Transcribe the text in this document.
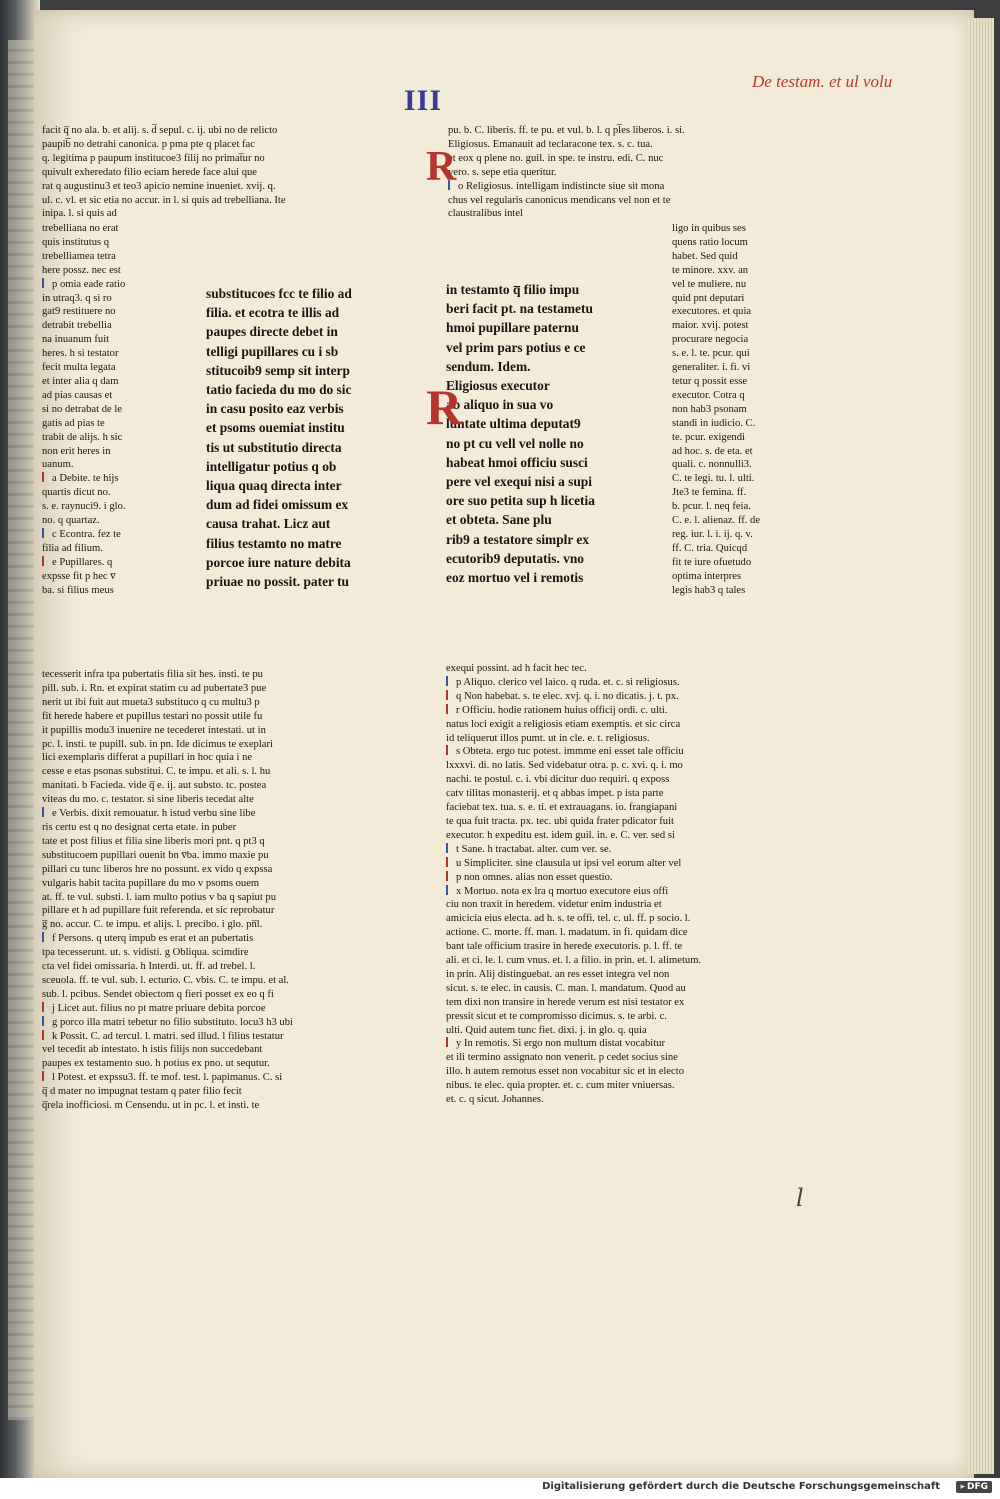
III
De testam. et ul volu
facit q̅ no ala. b. et alij. s. d̅ sepul. c. ij. ubi no de relicto
paupib̅ no detrahi canonica. p pma pte q placet fac
q. legitima p paupum institucoe3 filij no primat̅ur no
quivult exheredato filio eciam herede face alui que
rat q augustinu3 et teo3 apicio nemine inueniet. xvij. q.
ul. c. vl. et sic etia no accur. in l. si quis ad trebelliana. Ite
inipa. l. si quis ad
trebelliana no erat
quis institutus q
trebelliamea tetra
here possz. nec est
p omia eade ratio
in utraq3. q si ro
gat9 restituere no
detrabit trebellia
na inuanum fuit
heres. h si testator
fecit multa legata
et inter alia q dam
ad pias causas et
si no detrabat de le
gatis ad pias te
trabit de alijs. h sic
non erit heres in
uanum.
a Debite. te hijs
quartis dicut no.
s. e. raynuci9. i glo.
no. q quartaz.
c Econtra. fez te
filia ad filium.
e Pupillares. q
expsse fit p hec v̅
ba. si filius meus
substitucoes fcc te filio ad
filia. et ecotra te illis ad
paupes directe debet in
telligi pupillares cu i sb
stitucoib9 semp sit interp
tatio facieda du mo do sic
in casu posito eaz verbis
et psoms ouemiat institu
tis ut substitutio directa
intelligatur potius q ob
liqua quaq directa inter
dum ad fidei omissum ex
causa trahat. Licz aut
filius testamto no matre
porcoe iure nature debita
priuae no possit. pater tu
pu. b. C. liberis. ff. te pu. et vul. b. l. q pl̅es liberos. i. si.
Eligiosus. Emanauit ad teclaracone tex. s. c. tua.
et eox q plene no. guil. in spe. te instru. edi. C. nuc
vero. s. sepe etia queritur.
o Religiosus. intelligam indistincte siue sit mona
chus vel regularis canonicus mendicans vel non et te
claustralibus intel
ligo in quibus ses
quens ratio locum
habet. Sed quid
te minore. xxv. an
vel te muliere. nu
quid pnt deputari
executores. et quia
maior. xvij. potest
procurare negocia
s. e. l. te. pcur. qui
generaliter. i. fi. vi
tetur q possit esse
executor. Cotra q
non hab3 psonam
standi in iudicio. C.
te. pcur. exigendi
ad hoc. s. de eta. et
quali. c. nonnulli3.
C. te legi. tu. l. ulti.
Jte3 te femina. ff.
b. pcur. l. neq feia.
C. e. l. alienaz. ff. de
reg. iur. l. i. ij. q. v.
ff. C. tria. Quicqd
fit te iure ofuetudo
optima interpres
legis hab3 q tales
in testamto q̅ filio impu
beri facit pt. na testametu
hmoi pupillare paternu
vel prim pars potius e ce
sendum. Idem.
Eligiosus executor
ab aliquo in sua vo
luntate ultima deputat9
no pt cu vell vel nolle no
habeat hmoi officiu susci
pere vel exequi nisi a supi
ore suo petita sup h licetia
et obteta. Sane plu
rib9 a testatore simplr ex
ecutorib9 deputatis. vno
eoz mortuo vel i remotis
tecesserit infra tpa pubertatis filia sit hes. insti. te pu
pill. sub. i. Rn. et expirat statim cu ad pubertate3 pue
nerit ut ibi fuit aut mueta3 substituco q cu multu3 p
fit herede habere et pupillus testari no possit utile fu
it pupillis modu3 inuenire ne tecederet intestati. ut in
pc. l. insti. te pupill. sub. in pn. Ide dicimus te exeplari
lici exemplaris differat a pupillari in hoc quia i ne
cesse e etas psonas substitui. C. te impu. et ali. s. l. hu
manitati. b Facieda. vide q̅ e. ij. aut substo. tc. postea
viteas du mo. c. testator. si sine liberis tecedat alte
e Verbis. dixit remouatur. h istud verbu sine libe
ris certu est q no designat certa etate. in puber
tate et post filius et filia sine liberis mori pnt. q pt3 q
substitucoem pupillari ouenit bn v̅ba. immo maxie pu
pillari cu tunc liberos hre no possunt. ex vido q expssa
vulgaris habit tacita pupillare du mo v psoms ouem
at. ff. te vul. substi. l. iam multo potius v ba q sapiut pu
pillare et h ad pupillare fuit referenda. et sic reprobatur
g̅ no. accur. C. te impu. et alijs. l. precibo. i glo. pn̅l.
f Persons. q uterq impub es erat et an pubertatis
tpa tecesserunt. ut. s. vidisti. g Obliqua. scimdire
cta vel fidei omissaria. h Interdi. ut. ff. ad trebel. l.
sceuola. ff. te vul. sub. l. ecturio. C. vbis. C. te impu. et al.
sub. l. pcibus. Sendet obiectom q fieri posset ex eo q fi
j Licet aut. filius no pt matre priuare debita porcoe
g porco illa matri tebetur no filio substituto. locu3 h3 ubi
k Possit. C. ad tercul. l. matri. sed illud. l filius testatur
vel tecedit ab intestato. h istis filijs non succedebant
paupes ex testamento suo. h potius ex pno. ut sequtur.
l Potest. et expssu3. ff. te mof. test. l. papimanus. C. si
q̅ d mater no impugnat testam q pater filio fecit
q̅rela inofficiosi. m Censendu. ut in pc. l. et insti. te
exequi possint. ad h facit hec tec.
p Aliquo. clerico vel laico. q ruda. et. c. si religiosus.
q Non habebat. s. te elec. xvj. q. i. no dicatis. j. t. px.
r Officiu. hodie rationem huius officij ordi. c. ulti.
natus loci exigit a religiosis etiam exemptis. et sic circa
id teliquerut illos pumt. ut in cle. e. t. religiosus.
s Obteta. ergo tuc potest. immme eni esset tale officiu
lxxxvi. di. no latis. Sed videbatur otra. p. c. xvi. q. i. mo
nachi. te postul. c. i. vbi dicitur duo requiri. q exposs
catv tilitas monasterij. et q abbas impet. p ista parte
faciebat tex. tua. s. e. ti. et extrauagans. io. frangiapani
te qua fuit tracta. px. tec. ubi quida frater pdicator fuit
executor. h expeditu est. idem guil. in. e. C. ver. sed si
t Sane. h tractabat. alter. cum ver. se.
u Simpliciter. sine clausula ut ipsi vel eorum alter vel
p non omnes. alias non esset questio.
x Mortuo. nota ex lra q mortuo executore eius offi
ciu non traxit in heredem. videtur enim industria et
amicicia eius electa. ad h. s. te offi. tel. c. ul. ff. p socio. l.
actione. C. morte. ff. man. l. madatum. in fi. quidam dice
bant tale officium trasire in herede executoris. p. l. ff. te
ali. et ci. le. l. cum vnus. et. l. a filio. in prin. et. l. alimetum.
in prin. Alij distinguebat. an res esset integra vel non
sicut. s. te elec. in causis. C. man. l. mandatum. Quod au
tem dixi non transire in herede verum est nisi testator ex
pressit sicut et te compromisso dicimus. s. te arbi. c.
ulti. Quid autem tunc fiet. dixi. j. in glo. q. quia
y In remotis. Si ergo non multum distat vocabitur
et ili termino assignato non venerit. p cedet socius sine
illo. h autem remotus esset non vocabitur sic et in electo
nibus. te elec. quia propter. et. c. cum miter vniuersas.
et. c. q sicut. Johannes.
R
R
l
Digitalisierung gefördert durch die Deutsche Forschungsgemeinschaft
▸	DFG
